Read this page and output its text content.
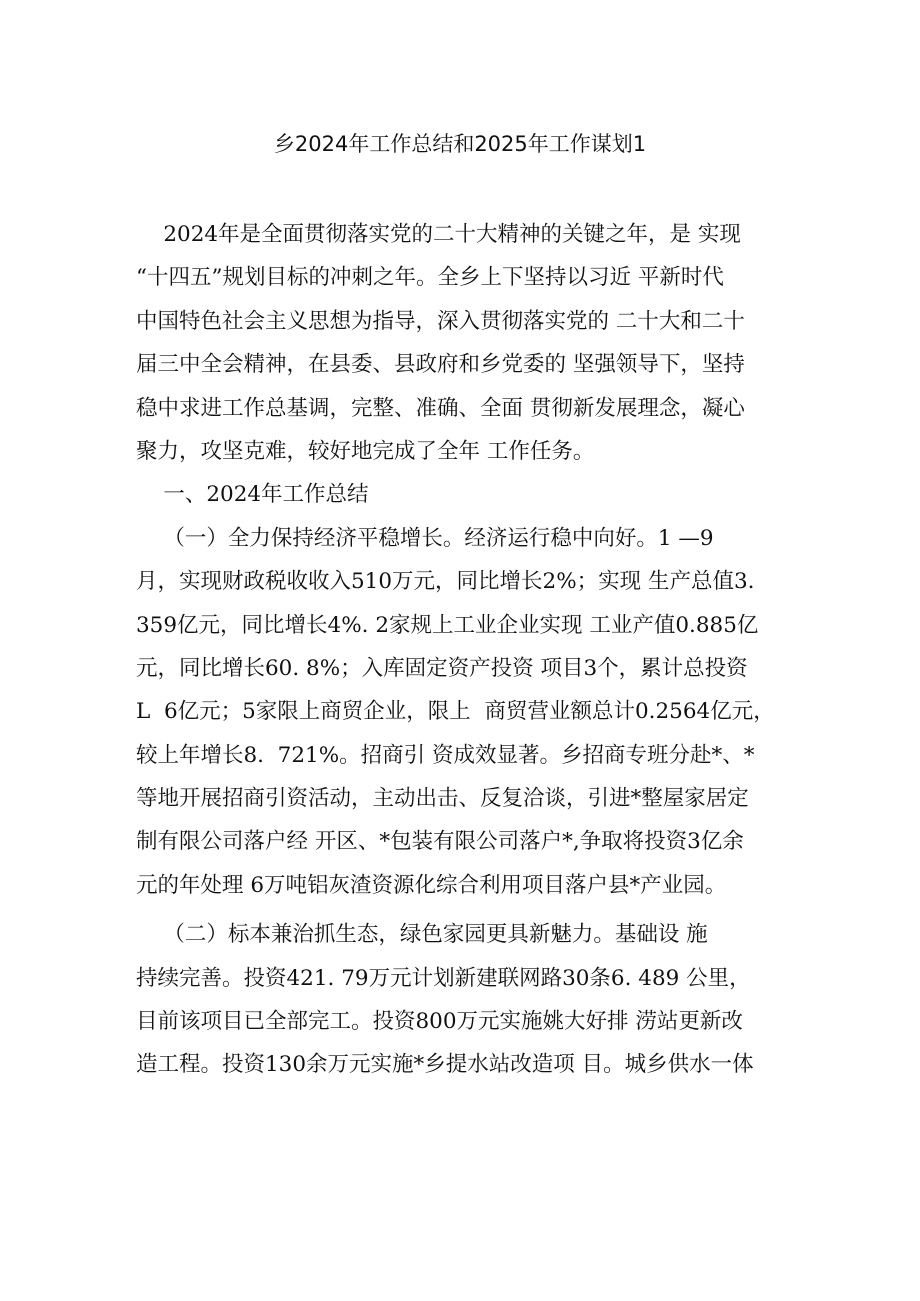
乡2024年工作总结和2025年工作谋划1
2024年是全面贯彻落实党的二十大精神的关键之年，是 实现
“十四五”规划目标的冲刺之年。全乡上下坚持以习近 平新时代
中国特色社会主义思想为指导，深入贯彻落实党的 二十大和二十
届三中全会精神，在县委、县政府和乡党委的 坚强领导下，坚持
稳中求进工作总基调，完整、准确、全面 贯彻新发展理念，凝心
聚力，攻坚克难，较好地完成了全年 工作任务。
一、2024年工作总结
（一）全力保持经济平稳增长。经济运行稳中向好。1 —9
月，实现财政税收收入510万元，同比增长2%；实现 生产总值3.
359亿元，同比增长4%. 2家规上工业企业实现 工业产值0.885亿
元，同比增长60. 8%；入库固定资产投资 项目3个，累计总投资
L  6亿元；5家限上商贸企业，限上  商贸营业额总计0.2564亿元，
较上年增长8.  721%。招商引 资成效显著。乡招商专班分赴*、*
等地开展招商引资活动，主动出击、反复洽谈，引进*整屋家居定
制有限公司落户经 开区、*包装有限公司落户*,争取将投资3亿余
元的年处理 6万吨铝灰渣资源化综合利用项目落户县*产业园。
（二）标本兼治抓生态，绿色家园更具新魅力。基础设 施
持续完善。投资421. 79万元计划新建联网路30条6. 489 公里，
目前该项目已全部完工。投资800万元实施姚大好排 涝站更新改
造工程。投资130余万元实施*乡提水站改造项 目。城乡供水一体
